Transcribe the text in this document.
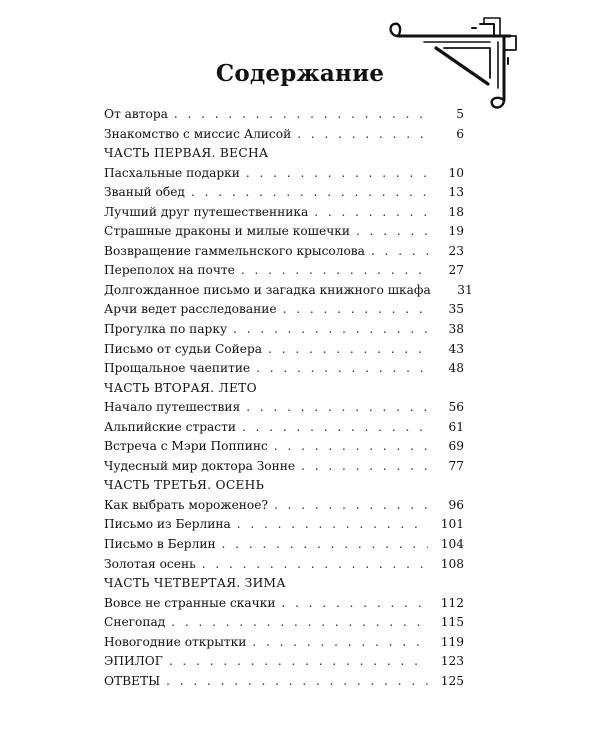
Содержание
От автора . . .	5
Знакомство с миссис Алисой . . .	6
ЧАСТЬ ПЕРВАЯ. ВЕСНА
Пасхальные подарки . . .	10
Званый обед . . .	13
Лучший друг путешественника . . .	18
Страшные драконы и милые кошечки . . .	19
Возвращение гаммельнского крысолова . . .	23
Переполох на почте . . .	27
Долгожданное письмо и загадка книжного шкафа	31
Арчи ведет расследование . . .	35
Прогулка по парку . . .	38
Письмо от судьи Сойера . . .	43
Прощальное чаепитие . . .	48
ЧАСТЬ ВТОРАЯ. ЛЕТО
Начало путешествия . . .	56
Альпийские страсти . . .	61
Встреча с Мэри Поппинс . . .	69
Чудесный мир доктора Зонне . . .	77
ЧАСТЬ ТРЕТЬЯ. ОСЕНЬ
Как выбрать мороженое? . . .	96
Письмо из Берлина . . .	101
Письмо в Берлин . . .	104
Золотая осень . . .	108
ЧАСТЬ ЧЕТВЕРТАЯ. ЗИМА
Вовсе не странные скачки . . .	112
Снегопад . . .	115
Новогодние открытки . . .	119
ЭПИЛОГ . . .	123
ОТВЕТЫ . . .	125
